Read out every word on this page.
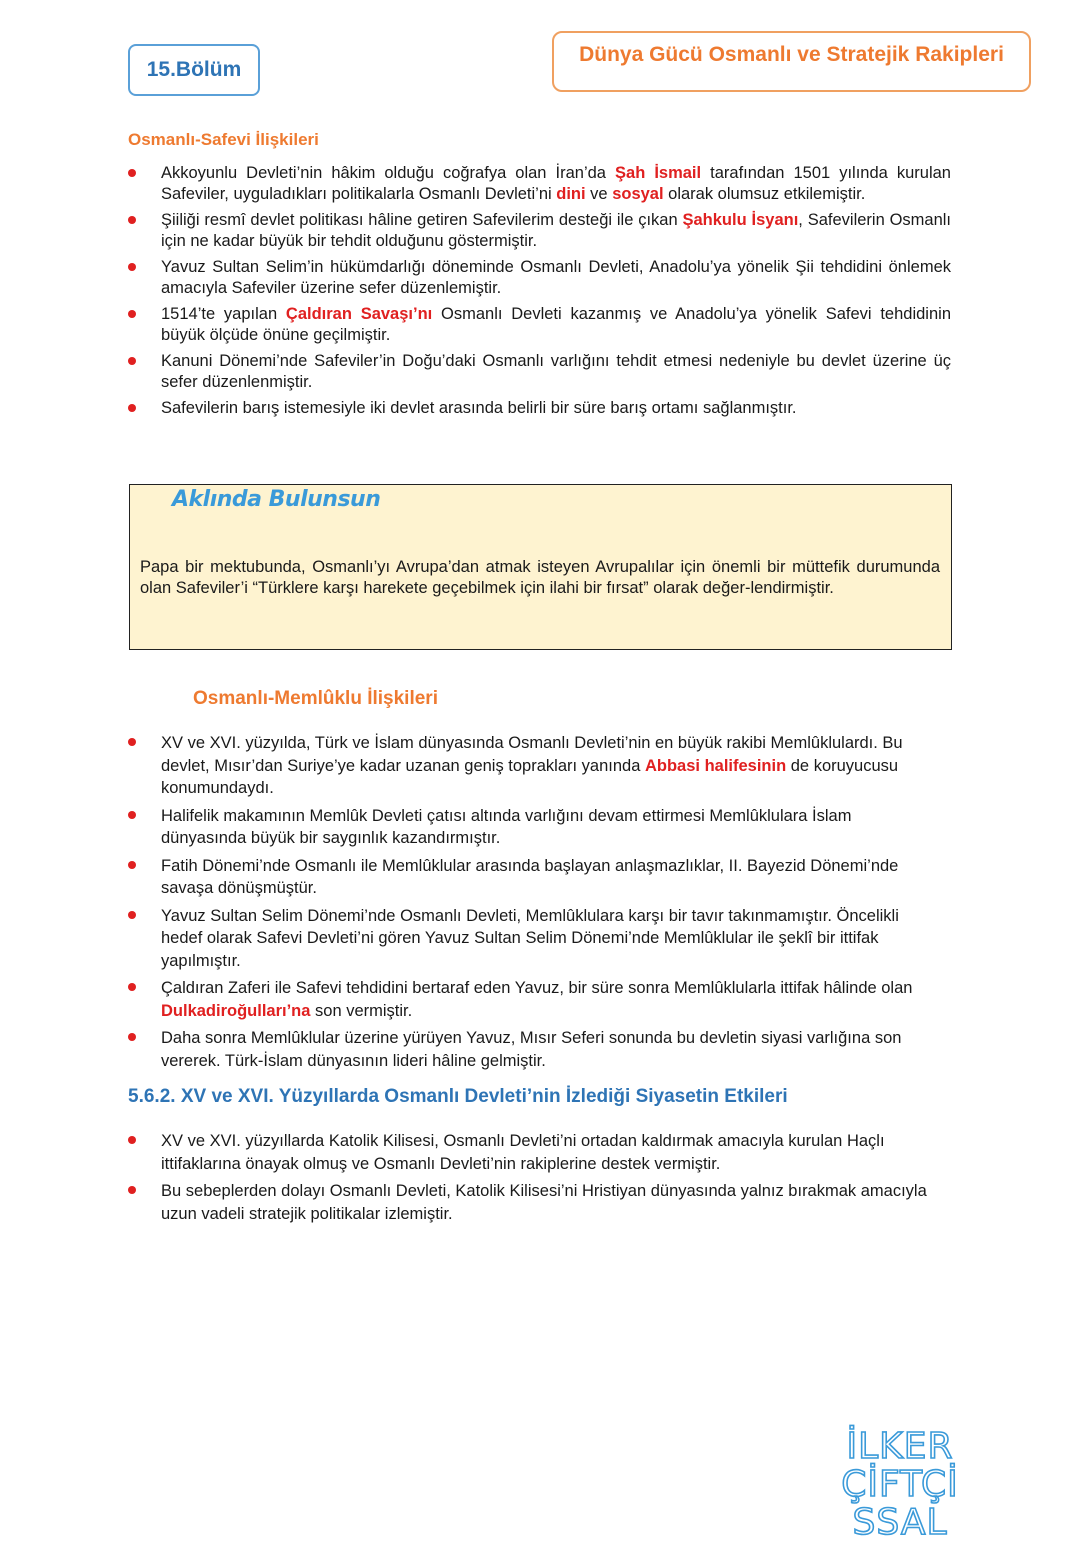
15.Bölüm
Dünya Gücü Osmanlı ve Stratejik Rakipleri
Osmanlı-Safevi İlişkileri
Akkoyunlu Devleti’nin hâkim olduğu coğrafya olan İran’da Şah İsmail tarafından 1501 yılında kurulan Safeviler, uyguladıkları politikalarla Osmanlı Devleti’ni dini ve sosyal olarak olumsuz etkilemiştir.
Şiiliği resmî devlet politikası hâline getiren Safevilerim desteği ile çıkan Şahkulu İsyanı, Safevilerin Osmanlı için ne kadar büyük bir tehdit olduğunu göstermiştir.
Yavuz Sultan Selim’in hükümdarlığı döneminde Osmanlı Devleti, Anadolu’ya yönelik Şii tehdidini önlemek amacıyla Safeviler üzerine sefer düzenlemiştir.
1514’te yapılan Çaldıran Savaşı’nı Osmanlı Devleti kazanmış ve Anadolu’ya yönelik Safevi tehdidinin büyük ölçüde önüne geçilmiştir.
Kanuni Dönemi’nde Safeviler’in Doğu’daki Osmanlı varlığını tehdit etmesi nedeniyle bu devlet üzerine üç sefer düzenlenmiştir.
Safevilerin barış istemesiyle iki devlet arasında belirli bir süre barış ortamı sağlanmıştır.
Aklında Bulunsun
Papa bir mektubunda, Osmanlı’yı Avrupa’dan atmak isteyen Avrupalılar için önemli bir müttefik durumunda olan Safeviler’i “Türklere karşı harekete geçebilmek için ilahi bir fırsat” olarak değer-lendirmiştir.
Osmanlı-Memlûklu İlişkileri
XV ve XVI. yüzyılda, Türk ve İslam dünyasında Osmanlı Devleti’nin en büyük rakibi Memlûklulardı. Bu devlet, Mısır’dan Suriye’ye kadar uzanan geniş toprakları yanında Abbasi halifesinin de koruyucusu konumundaydı.
Halifelik makamının Memlûk Devleti çatısı altında varlığını devam ettirmesi Memlûklulara İslam dünyasında büyük bir saygınlık kazandırmıştır.
Fatih Dönemi’nde Osmanlı ile Memlûklular arasında başlayan anlaşmazlıklar, II. Bayezid Dönemi’nde savaşa dönüşmüştür.
Yavuz Sultan Selim Dönemi’nde Osmanlı Devleti, Memlûklulara karşı bir tavır takınmamıştır. Öncelikli hedef olarak Safevi Devleti’ni gören Yavuz Sultan Selim Dönemi’nde Memlûklular ile şeklî bir ittifak yapılmıştır.
Çaldıran Zaferi ile Safevi tehdidini bertaraf eden Yavuz, bir süre sonra Memlûklularla ittifak hâlinde olan Dulkadiroğulları’na son vermiştir.
Daha sonra Memlûklular üzerine yürüyen Yavuz, Mısır Seferi sonunda bu devletin siyasi varlığına son vererek. Türk-İslam dünyasının lideri hâline gelmiştir.
5.6.2. XV ve XVI. Yüzyıllarda Osmanlı Devleti’nin İzlediği Siyasetin Etkileri
XV ve XVI. yüzyıllarda Katolik Kilisesi, Osmanlı Devleti’ni ortadan kaldırmak amacıyla kurulan Haçlı ittifaklarına önayak olmuş ve Osmanlı Devleti’nin rakiplerine destek vermiştir.
Bu sebeplerden dolayı Osmanlı Devleti, Katolik Kilisesi’ni Hristiyan dünyasında yalnız bırakmak amacıyla uzun vadeli stratejik politikalar izlemiştir.
İLKER ÇİFTÇİ
SSAL
